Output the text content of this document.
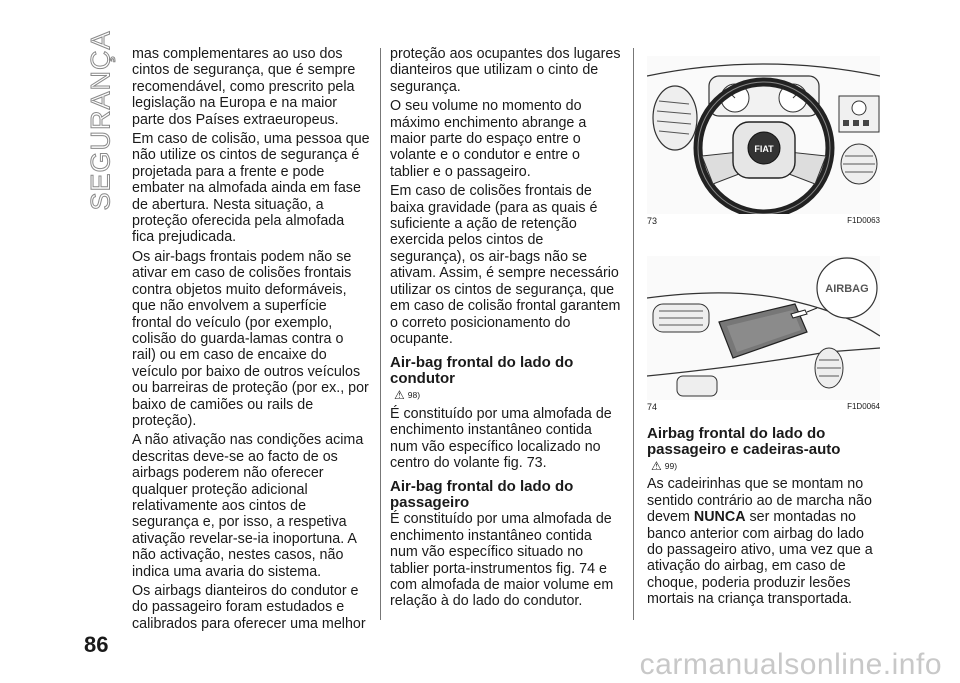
SEGURANÇA mas complementares ao uso dos cintos de segurança, que é sempre recomendável, como prescrito pela legislação na Europa e na maior parte dos Países extraeuropeus.

Em caso de colisão, uma pessoa que não utilize os cintos de segurança é projetada para a frente e pode embater na almofada ainda em fase de abertura. Nesta situação, a proteção oferecida pela almofada fica prejudicada.

Os air-bags frontais podem não se ativar em caso de colisões frontais contra objetos muito deformáveis, que não envolvem a superfície frontal do veículo (por exemplo, colisão do guarda-lamas contra o rail) ou em caso de encaixe do veículo por baixo de outros veículos ou barreiras de proteção (por ex., por baixo de camiões ou rails de proteção).

A não ativação nas condições acima descritas deve-se ao facto de os airbags poderem não oferecer qualquer proteção adicional relativamente aos cintos de segurança e, por isso, a respetiva ativação revelar-se-ia inoportuna. A não activação, nestes casos, não indica uma avaria do sistema.

Os airbags dianteiros do condutor e do passageiro foram estudados e calibrados para oferecer uma melhor

proteção aos ocupantes dos lugares dianteiros que utilizam o cinto de segurança.

O seu volume no momento do máximo enchimento abrange a maior parte do espaço entre o volante e o condutor e entre o tablier e o passageiro.

Em caso de colisões frontais de baixa gravidade (para as quais é suficiente a ação de retenção exercida pelos cintos de segurança), os air-bags não se ativam. Assim, é sempre necessário utilizar os cintos de segurança, que em caso de colisão frontal garantem o correto posicionamento do ocupante.

Air-bag frontal do lado do condutor
⚠ 98)

É constituído por uma almofada de enchimento instantâneo contida num vão específico localizado no centro do volante fig. 73.

Air-bag frontal do lado do passageiro

É constituído por uma almofada de enchimento instantâneo contida num vão específico situado no tablier porta-instrumentos fig. 74 e com almofada de maior volume em relação à do lado do condutor.

FIAT
73	F1D0063
AIRBAG
74	F1D0064
Airbag frontal do lado do passageiro e cadeiras-auto
⚠ 99)

As cadeirinhas que se montam no sentido contrário ao de marcha não devem NUNCA ser montadas no banco anterior com airbag do lado do passageiro ativo, uma vez que a ativação do airbag, em caso de choque, poderia produzir lesões mortais na criança transportada.

86
carmanualsonline.info
